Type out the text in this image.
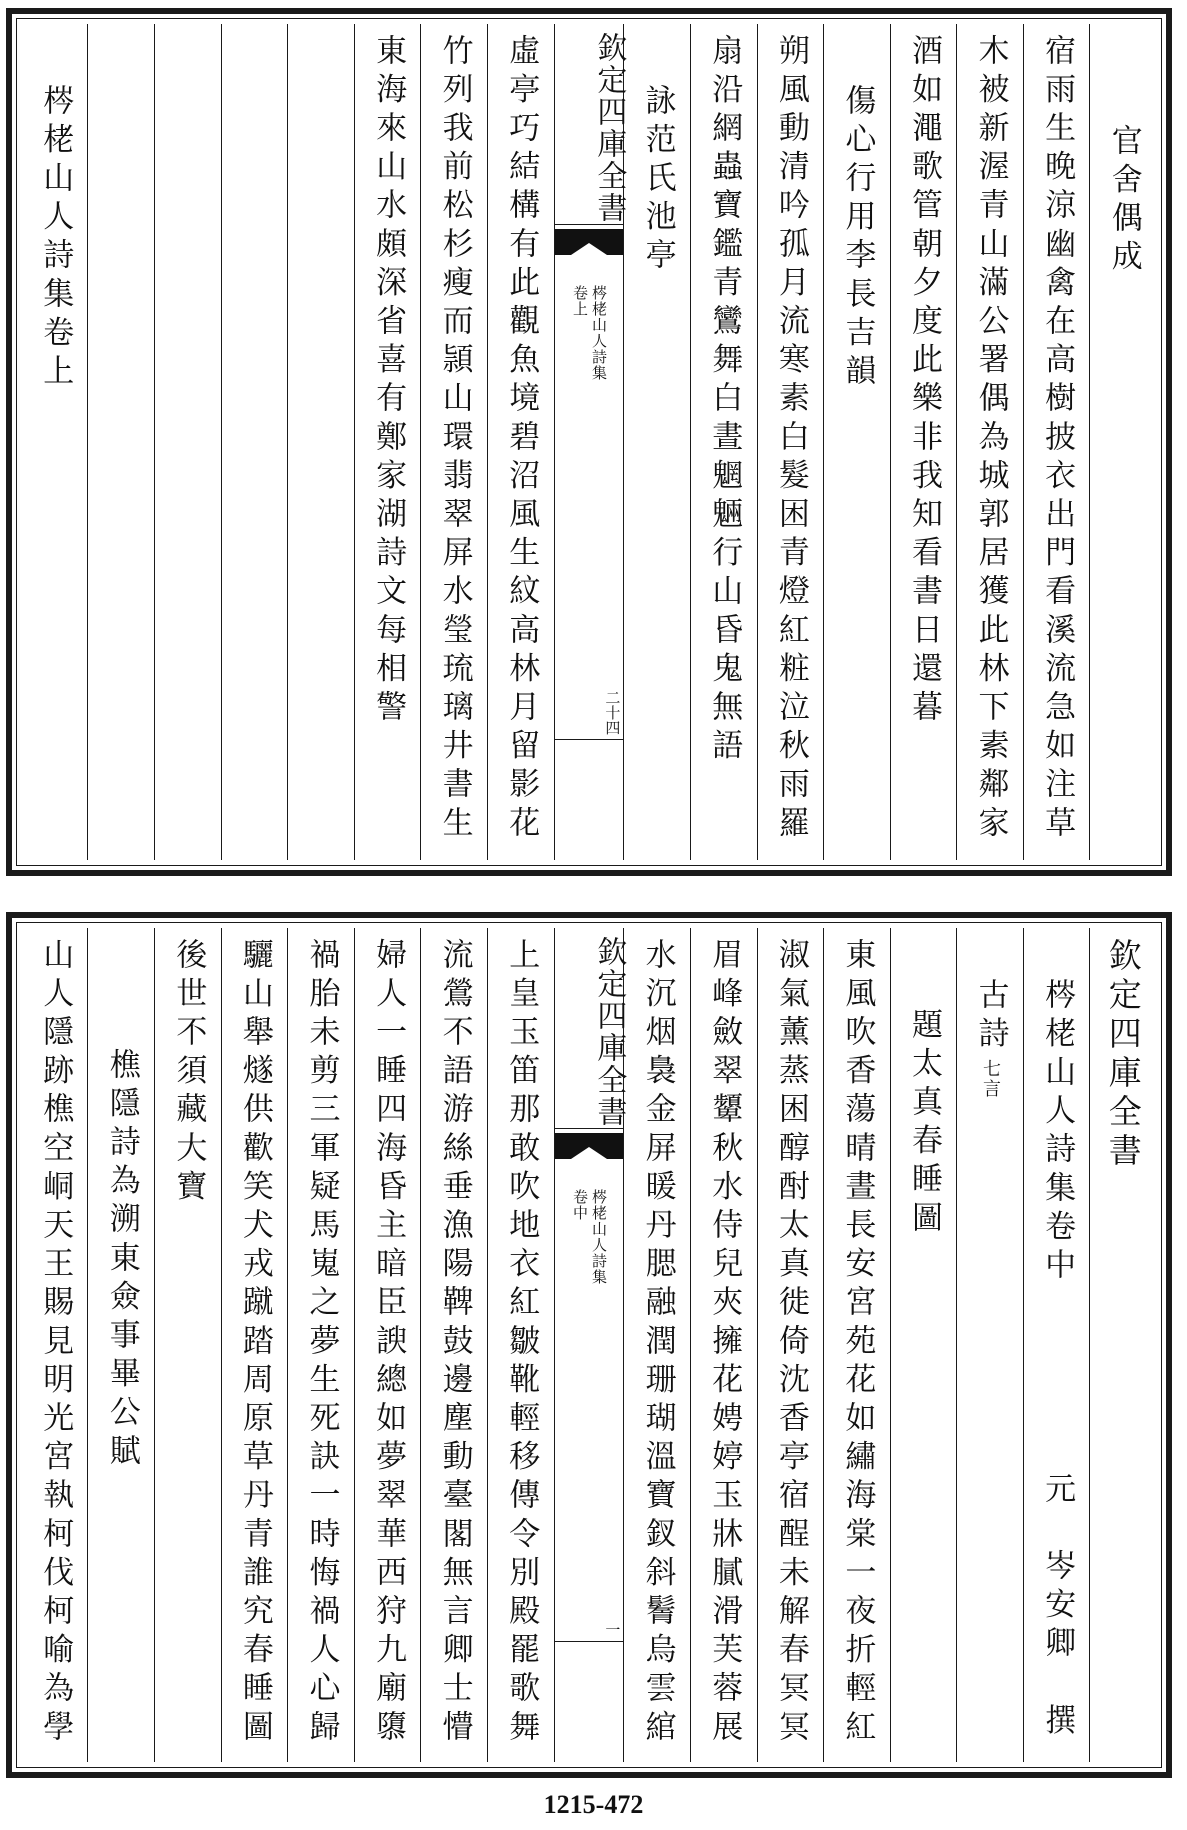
官舍偶成
宿雨生晚涼幽禽在高樹披衣出門看溪流急如注草
木被新渥青山滿公署偶為城郭居獲此林下素鄰家
酒如澠歌管朝夕度此樂非我知看書日還暮
傷心行用李長吉韻
朔風動清吟孤月流寒素白髮困青燈紅粧泣秋雨羅
扇沿網蟲寶鑑青鸞舞白晝魍魎行山昏鬼無語
詠范氏池亭
欽定四庫全書
梣栳山人詩集
卷上
二十四
虛亭巧結構有此觀魚境碧沼風生紋高林月留影花
竹列我前松杉瘦而頴山環翡翠屏水瑩琉璃井書生
東海來山水頗深省喜有鄭家湖詩文每相警
梣栳山人詩集卷上
欽定四庫全書
梣栳山人詩集卷中
元　岑安卿　撰
古詩
七言
題太真春睡圖
東風吹香蕩晴晝長安宮苑花如繡海棠一夜折輕紅
淑氣薰蒸困醇酎太真徙倚沈香亭宿酲未解春冥冥
眉峰斂翠顰秋水侍兒夾擁花娉婷玉牀膩滑芙蓉展
水沉烟裊金屏暖丹腮融潤珊瑚溫寶釵斜鬌烏雲綰
欽定四庫全書
梣栳山人詩集
卷中
一
上皇玉笛那敢吹地衣紅皺靴輕移傳令別殿罷歌舞
流鶯不語游絲垂漁陽鞞鼓邊塵動臺閣無言卿士懵
婦人一睡四海昏主暗臣諛總如夢翠華西狩九廟隳
禍胎未剪三軍疑馬嵬之夢生死訣一時悔禍人心歸
驪山舉燧供歡笑犬戎蹴踏周原草丹青誰究春睡圖
後世不須藏大寶
樵隱詩為溯東僉事畢公賦
山人隱跡樵空峒天王賜見明光宮執柯伐柯喻為學
1215-472
